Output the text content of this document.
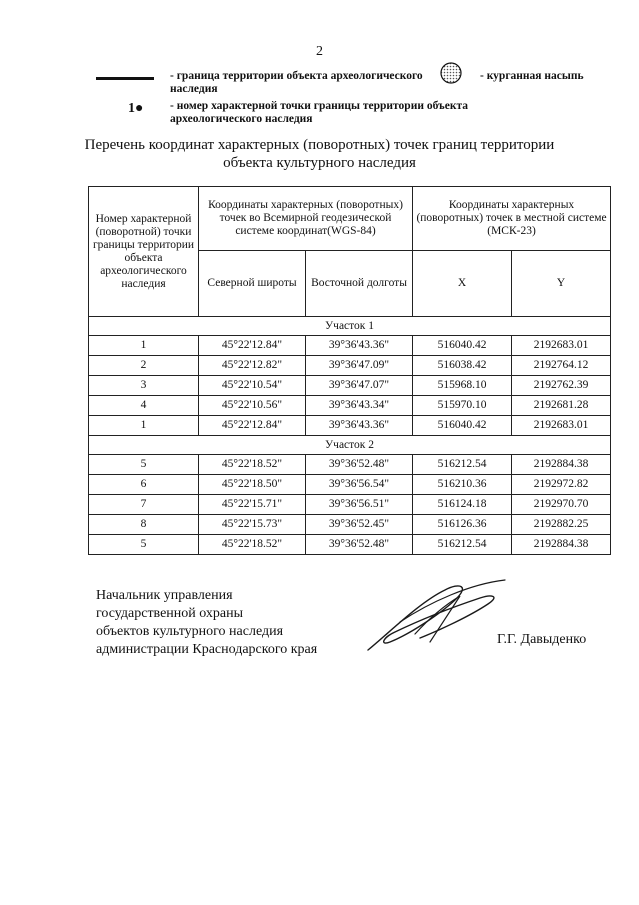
2
- граница территории объекта археологического наследия
- курганная насыпь
1● - номер характерной точки границы территории объекта археологического наследия
Перечень координат характерных (поворотных) точек границ территории объекта культурного наследия
Номер характерной (поворотной) точки границы территории объекта археологического наследия	Координаты характерных (поворотных) точек во Всемирной геодезической системе координат(WGS-84)		Координаты характерных (поворотных) точек в местной системе (МСК-23)	
	Северной широты	Восточной долготы	X	Y
Участок 1				
1	45°22'12.84"	39°36'43.36"	516040.42	2192683.01
2	45°22'12.82"	39°36'47.09"	516038.42	2192764.12
3	45°22'10.54"	39°36'47.07"	515968.10	2192762.39
4	45°22'10.56"	39°36'43.34"	515970.10	2192681.28
1	45°22'12.84"	39°36'43.36"	516040.42	2192683.01
Участок 2				
5	45°22'18.52"	39°36'52.48"	516212.54	2192884.38
6	45°22'18.50"	39°36'56.54"	516210.36	2192972.82
7	45°22'15.71"	39°36'56.51"	516124.18	2192970.70
8	45°22'15.73"	39°36'52.45"	516126.36	2192882.25
5	45°22'18.52"	39°36'52.48"	516212.54	2192884.38
Начальник управления
государственной охраны
объектов культурного наследия
администрации Краснодарского края
Г.Г. Давыденко
